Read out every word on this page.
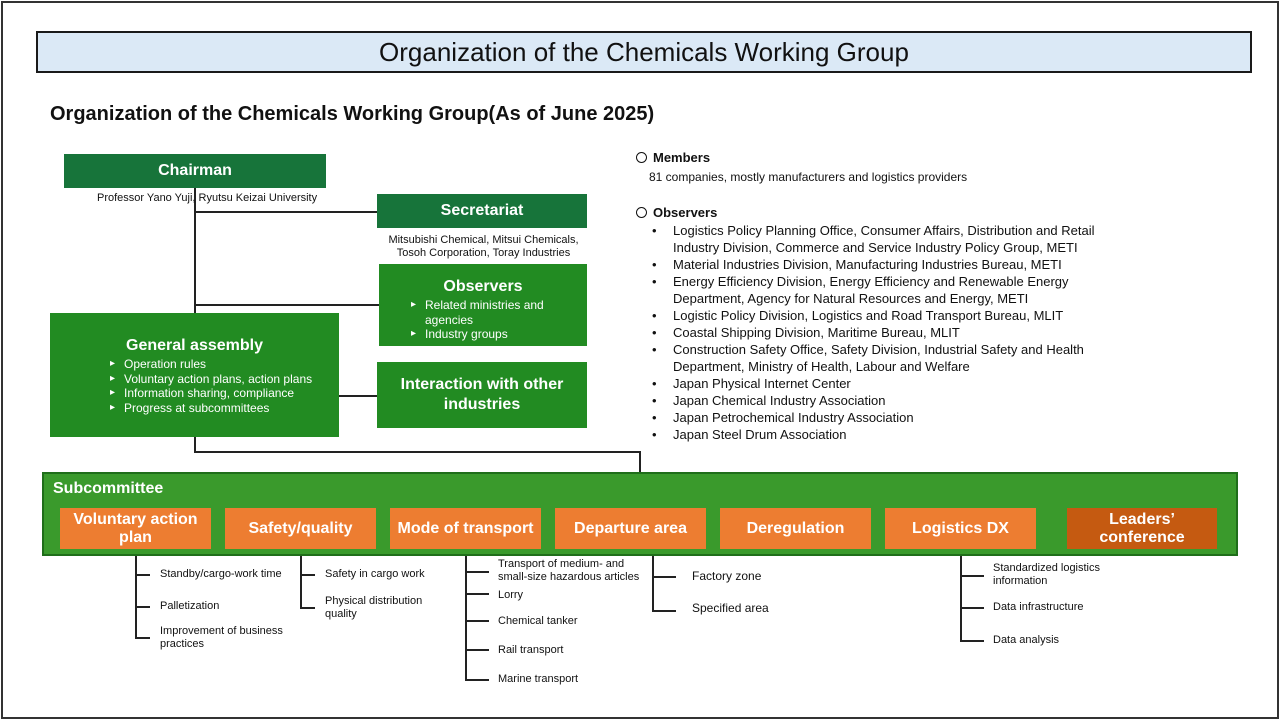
Organization of the Chemicals Working Group
Organization of the Chemicals Working Group(As of June 2025)
Chairman
Professor Yano Yuji, Ryutsu Keizai University
Secretariat
Mitsubishi Chemical, Mitsui Chemicals,
Tosoh Corporation, Toray Industries
Observers
▸ Related ministries and agencies
▸ Industry groups
General assembly
▸ Operation rules
▸ Voluntary action plans, action plans
▸ Information sharing, compliance
▸ Progress at subcommittees
Interaction with other
industries
Members
81 companies, mostly manufacturers and logistics providers
Observers
• Logistics Policy Planning Office, Consumer Affairs, Distribution and Retail
Industry Division, Commerce and Service Industry Policy Group, METI
• Material Industries Division, Manufacturing Industries Bureau, METI
• Energy Efficiency Division, Energy Efficiency and Renewable Energy
Department, Agency for Natural Resources and Energy, METI
• Logistic Policy Division, Logistics and Road Transport Bureau, MLIT
• Coastal Shipping Division, Maritime Bureau, MLIT
• Construction Safety Office, Safety Division, Industrial Safety and Health
Department, Ministry of Health, Labour and Welfare
• Japan Physical Internet Center
• Japan Chemical Industry Association
• Japan Petrochemical Industry Association
• Japan Steel Drum Association
Subcommittee
Voluntary action plan
Safety/quality	Mode of transport	Departure area	Deregulation	Logistics DX
Leaders’ conference
Standby/cargo-work time
Palletization
Improvement of business practices
Safety in cargo work
Physical distribution quality
Transport of medium- and small-size hazardous articles
Lorry
Chemical tanker
Rail transport
Marine transport
Factory zone
Specified area
Standardized logistics information
Data infrastructure
Data analysis
